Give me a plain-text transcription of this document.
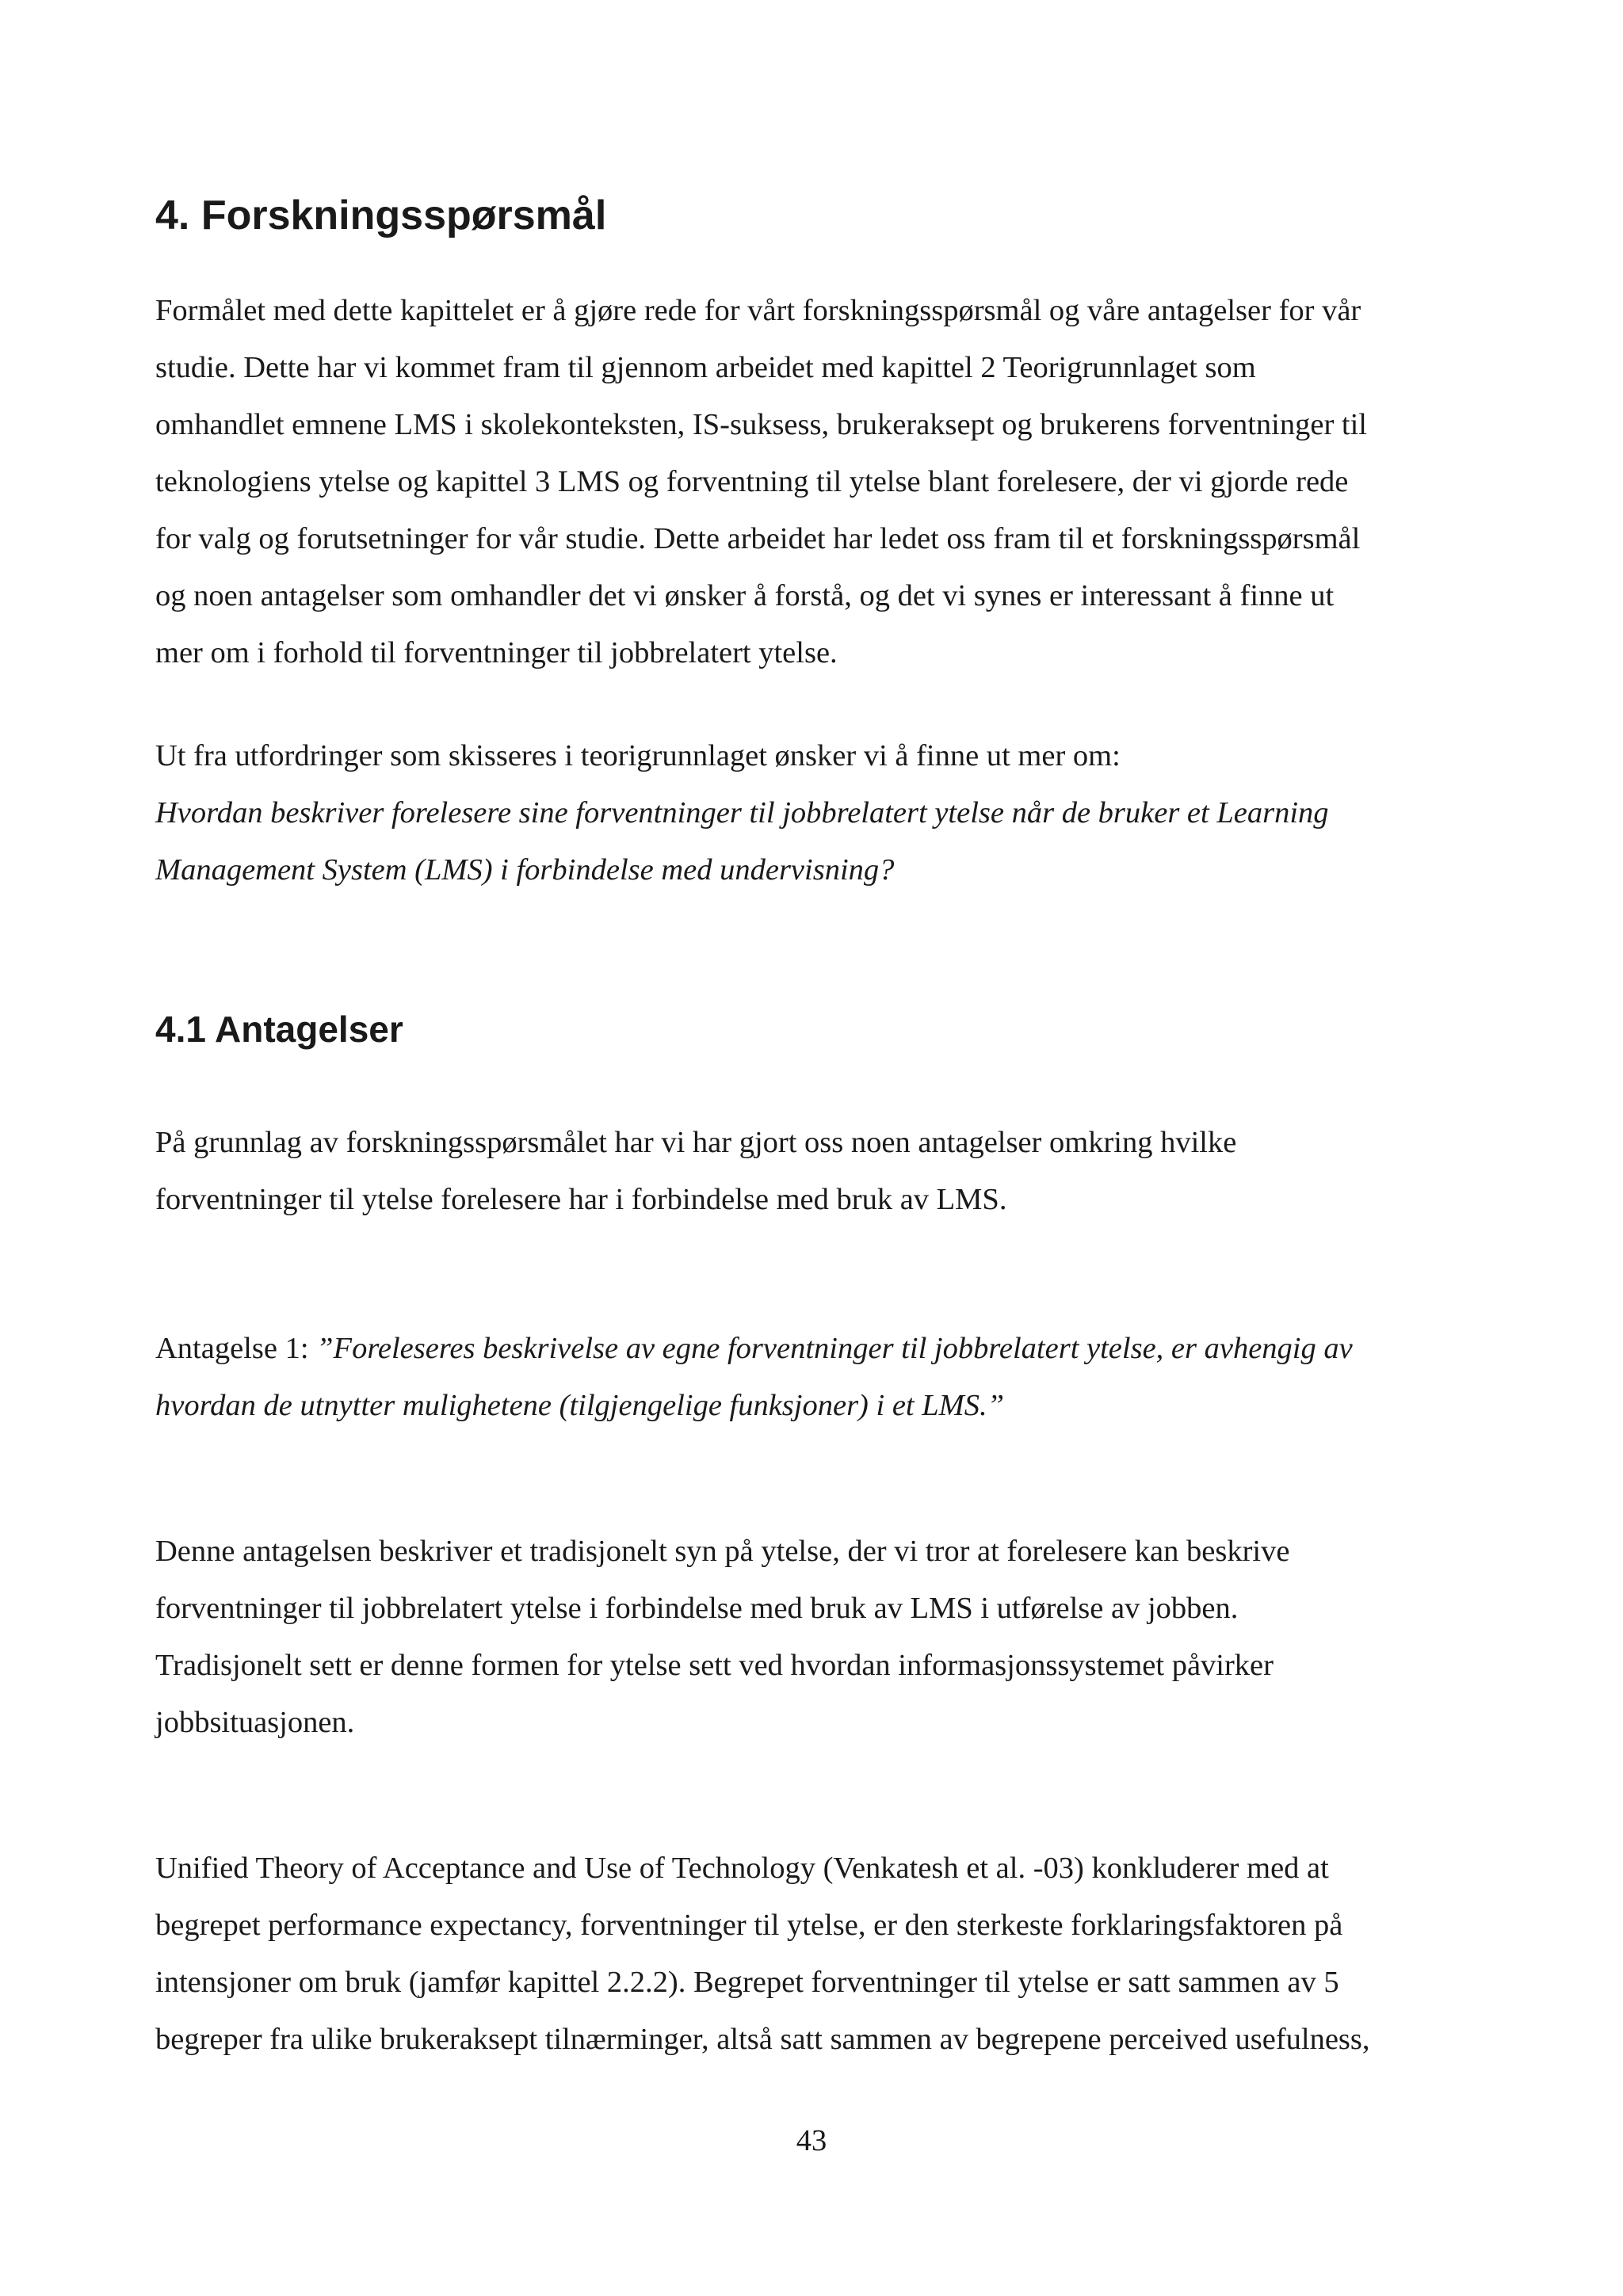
4. Forskningsspørsmål

Formålet med dette kapittelet er å gjøre rede for vårt forskningsspørsmål og våre antagelser for vår
studie. Dette har vi kommet fram til gjennom arbeidet med kapittel 2 Teorigrunnlaget som
omhandlet emnene LMS i skolekonteksten, IS-suksess, brukeraksept og brukerens forventninger til
teknologiens ytelse og kapittel 3 LMS og forventning til ytelse blant forelesere, der vi gjorde rede
for valg og forutsetninger for vår studie. Dette arbeidet har ledet oss fram til et forskningsspørsmål
og noen antagelser som omhandler det vi ønsker å forstå, og det vi synes er interessant å finne ut
mer om i forhold til forventninger til jobbrelatert ytelse.

Ut fra utfordringer som skisseres i teorigrunnlaget ønsker vi å finne ut mer om:
Hvordan beskriver forelesere sine forventninger til jobbrelatert ytelse når de bruker et Learning
Management System (LMS) i forbindelse med undervisning?

4.1 Antagelser

På grunnlag av forskningsspørsmålet har vi har gjort oss noen antagelser omkring hvilke
forventninger til ytelse forelesere har i forbindelse med bruk av LMS.

Antagelse 1: ”Foreleseres beskrivelse av egne forventninger til jobbrelatert ytelse, er avhengig av
hvordan de utnytter mulighetene (tilgjengelige funksjoner) i et LMS.”

Denne antagelsen beskriver et tradisjonelt syn på ytelse, der vi tror at forelesere kan beskrive
forventninger til jobbrelatert ytelse i forbindelse med bruk av LMS i utførelse av jobben.
Tradisjonelt sett er denne formen for ytelse sett ved hvordan informasjonssystemet påvirker
jobbsituasjonen.

Unified Theory of Acceptance and Use of Technology (Venkatesh et al. -03) konkluderer med at
begrepet performance expectancy, forventninger til ytelse, er den sterkeste forklaringsfaktoren på
intensjoner om bruk (jamfør kapittel 2.2.2). Begrepet forventninger til ytelse er satt sammen av 5
begreper fra ulike brukeraksept tilnærminger, altså satt sammen av begrepene perceived usefulness,

43
